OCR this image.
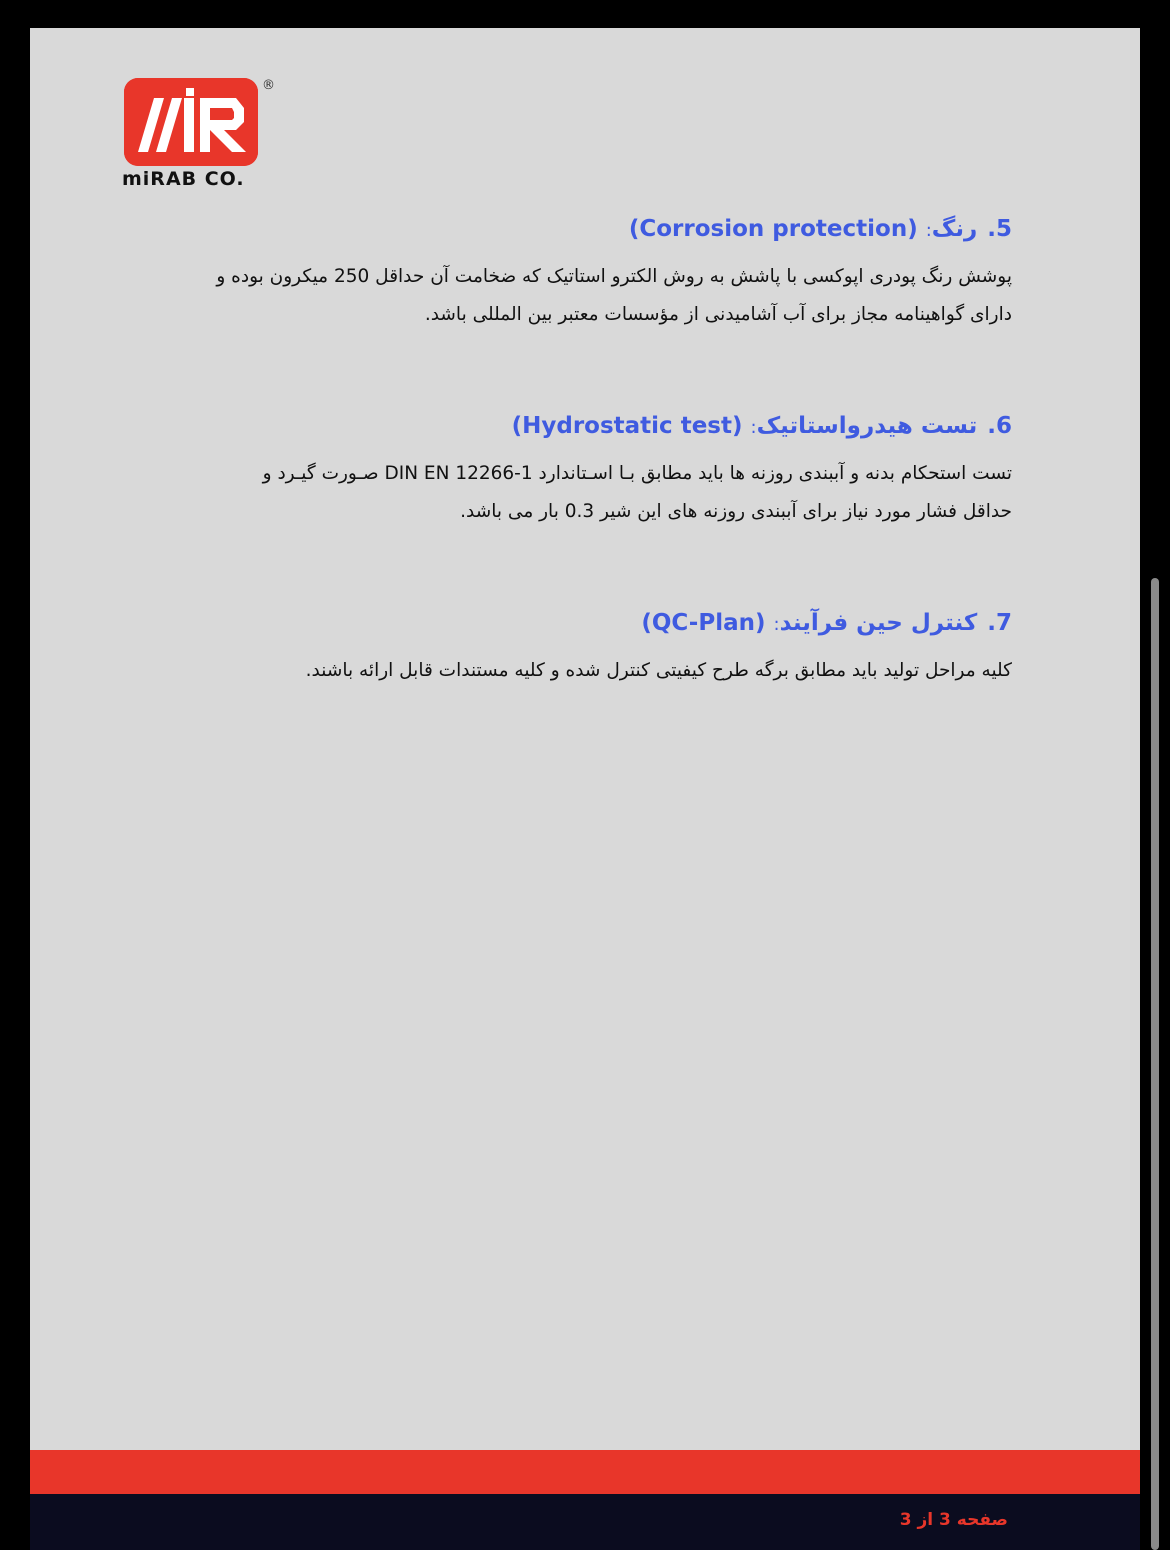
®
miRAB CO.
5.رنگ:(Corrosion protection)

پوشش رنگ پودری اپوکسی با پاشش به روش الکترو استاتیک که ضخامت آن حداقل 250 میکرون بوده و

دارای گواهینامه مجاز برای آب آشامیدنی از مؤسسات معتبر بین المللی باشد.

6.تست هیدرواستاتیک:(Hydrostatic test)

تست استحکام بدنه و آببندی روزنه ها باید مطابق بـا اسـتاندارد DIN EN 12266-1 صـورت گیـرد و

حداقل فشار مورد نیاز برای آببندی روزنه های این شیر 0.3 بار می باشد.

7.کنترل حین فرآیند:(QC-Plan)

کلیه مراحل تولید باید مطابق برگه طرح کیفیتی کنترل شده و کلیه مستندات قابل ارائه باشند.

صفحه 3 از 3
